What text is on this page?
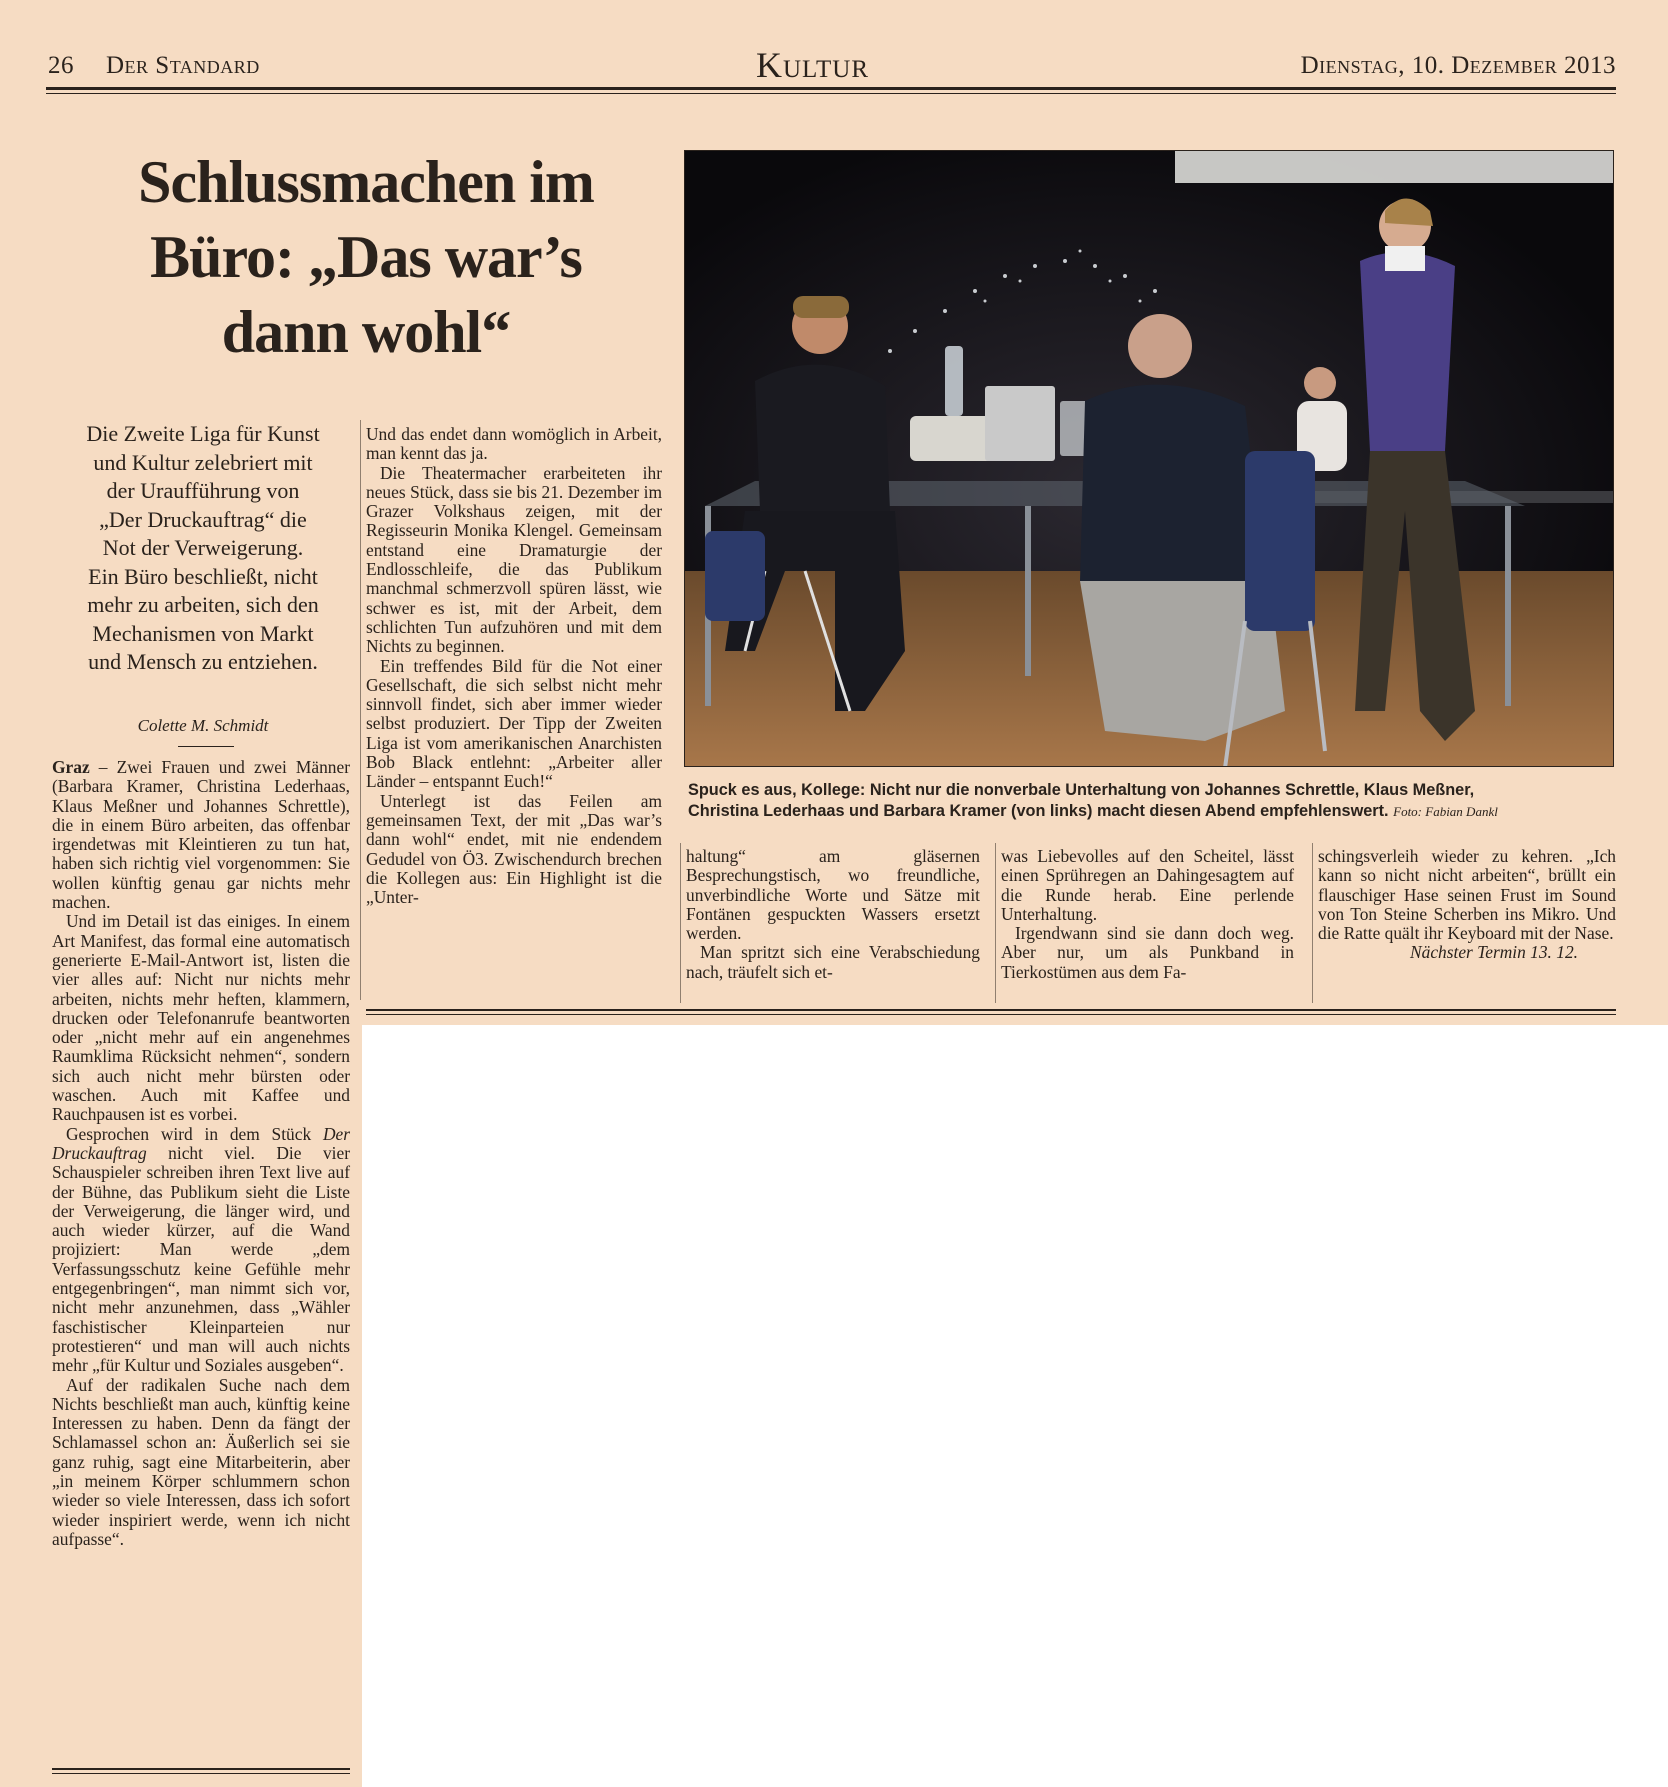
26 Der Standard	Kultur	Dienstag, 10. Dezember 2013
Schlussmachen im
Büro: „Das war’s
dann wohl“
Die Zweite Liga für Kunst
und Kultur zelebriert mit
der Uraufführung von
„Der Druckauftrag“ die
Not der Verweigerung.
Ein Büro beschließt, nicht
mehr zu arbeiten, sich den
Mechanismen von Markt
und Mensch zu entziehen.
Colette M. Schmidt

Graz – Zwei Frauen und zwei Männer (Barbara Kramer, Christina Lederhaas, Klaus Meßner und Johannes Schrettle), die in einem Büro arbeiten, das offenbar irgendetwas mit Kleintieren zu tun hat, haben sich richtig viel vorgenommen: Sie wollen künftig genau gar nichts mehr machen.

Und im Detail ist das einiges. In einem Art Manifest, das formal eine automatisch generierte E-Mail-Antwort ist, listen die vier alles auf: Nicht nur nichts mehr arbeiten, nichts mehr heften, klammern, drucken oder Telefonanrufe beantworten oder „nicht mehr auf ein angenehmes Raumklima Rücksicht nehmen“, sondern sich auch nicht mehr bürsten oder waschen. Auch mit Kaffee und Rauchpausen ist es vorbei.

Gesprochen wird in dem Stück Der Druckauftrag nicht viel. Die vier Schauspieler schreiben ihren Text live auf der Bühne, das Publikum sieht die Liste der Verweigerung, die länger wird, und auch wieder kürzer, auf die Wand projiziert: Man werde „dem Verfassungsschutz keine Gefühle mehr entgegenbringen“, man nimmt sich vor, nicht mehr anzunehmen, dass „Wähler faschistischer Kleinparteien nur protestieren“ und man will auch nichts mehr „für Kultur und Soziales ausgeben“.

Auf der radikalen Suche nach dem Nichts beschließt man auch, künftig keine Interessen zu haben. Denn da fängt der Schlamassel schon an: Äußerlich sei sie ganz ruhig, sagt eine Mitarbeiterin, aber „in meinem Körper schlummern schon wieder so viele Interessen, dass ich sofort wieder inspiriert werde, wenn ich nicht aufpasse“.

Und das endet dann womöglich in Arbeit, man kennt das ja.

Die Theatermacher erarbeiteten ihr neues Stück, dass sie bis 21. Dezember im Grazer Volkshaus zeigen, mit der Regisseurin Monika Klengel. Gemeinsam entstand eine Dramaturgie der Endlosschleife, die das Publikum manchmal schmerzvoll spüren lässt, wie schwer es ist, mit der Arbeit, dem schlichten Tun aufzuhören und mit dem Nichts zu beginnen.

Ein treffendes Bild für die Not einer Gesellschaft, die sich selbst nicht mehr sinnvoll findet, sich aber immer wieder selbst produziert. Der Tipp der Zweiten Liga ist vom amerikanischen Anarchisten Bob Black entlehnt: „Arbeiter aller Länder – entspannt Euch!“

Unterlegt ist das Feilen am gemeinsamen Text, der mit „Das war’s dann wohl“ endet, mit nie endendem Gedudel von Ö3. Zwischendurch brechen die Kollegen aus: Ein Highlight ist die „Unter-

Spuck es aus, Kollege: Nicht nur die nonverbale Unterhaltung von Johannes Schrettle, Klaus Meßner,
Christina Lederhaas und Barbara Kramer (von links) macht diesen Abend empfehlenswert. Foto: Fabian Dankl

haltung“ am gläsernen Besprechungstisch, wo freundliche, unverbindliche Worte und Sätze mit Fontänen gespuckten Wassers ersetzt werden.

Man spritzt sich eine Verabschiedung nach, träufelt sich et-

was Liebevolles auf den Scheitel, lässt einen Sprühregen an Dahingesagtem auf die Runde herab. Eine perlende Unterhaltung.

Irgendwann sind sie dann doch weg. Aber nur, um als Punkband in Tierkostümen aus dem Fa-

schingsverleih wieder zu kehren. „Ich kann so nicht nicht arbeiten“, brüllt ein flauschiger Hase seinen Frust im Sound von Ton Steine Scherben ins Mikro. Und die Ratte quält ihr Keyboard mit der Nase.

Nächster Termin 13. 12.
